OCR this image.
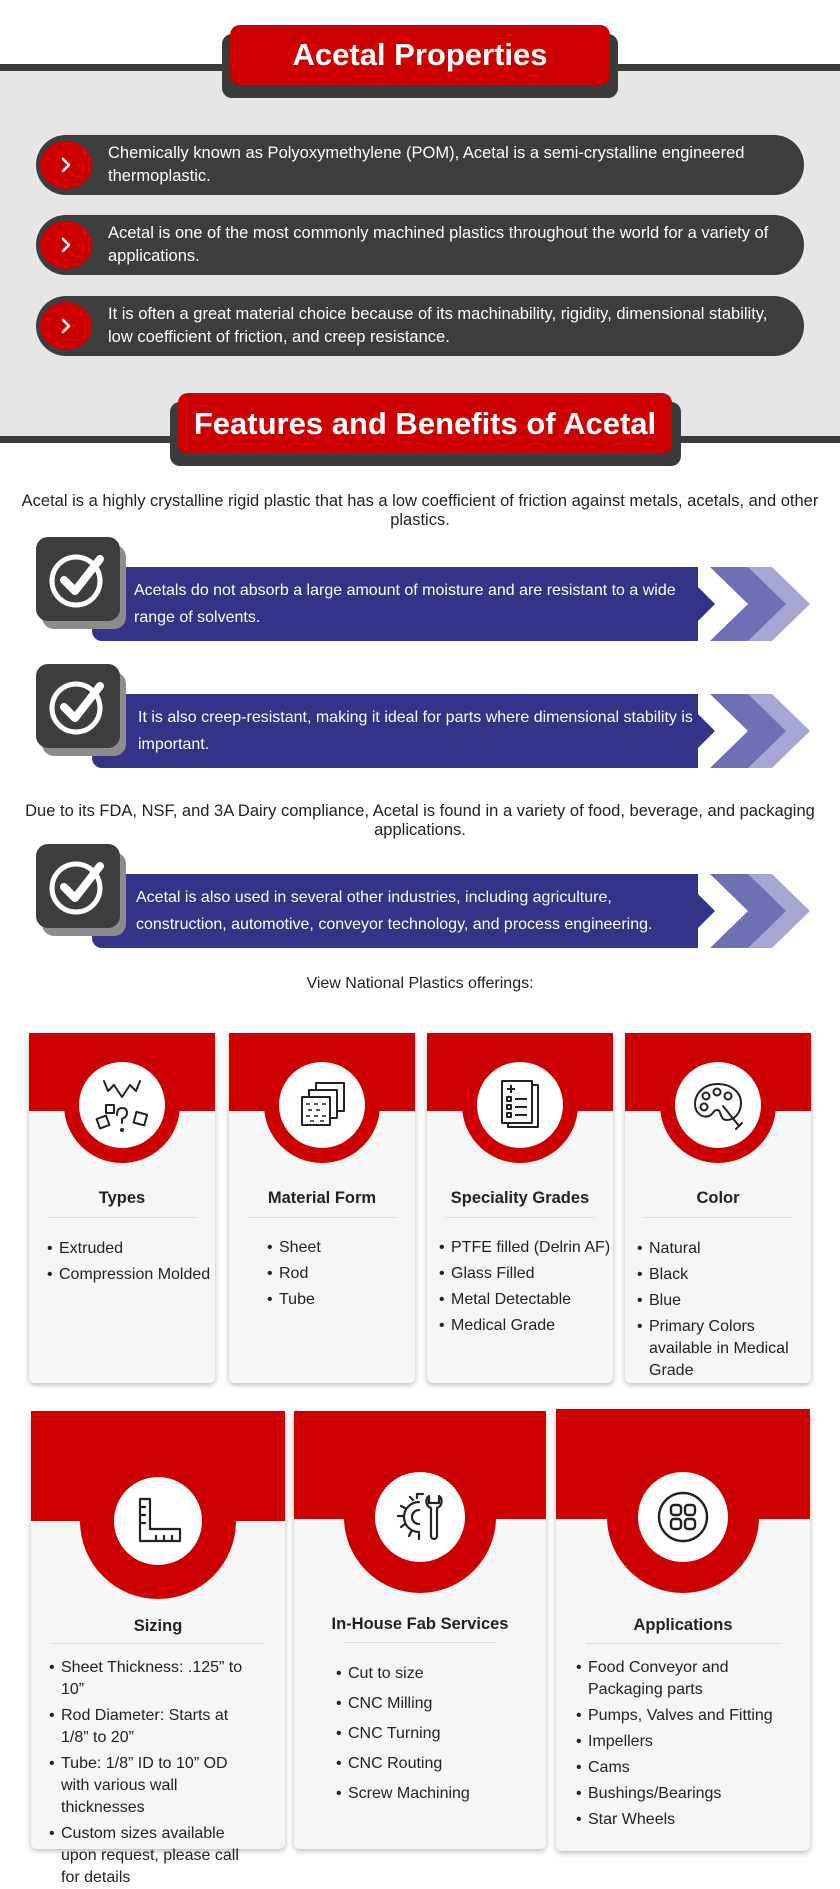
Acetal Properties
Chemically known as Polyoxymethylene (POM), Acetal is a semi-crystalline engineered thermoplastic.
Acetal is one of the most commonly machined plastics throughout the world for a variety of applications.
It is often a great material choice because of its machinability, rigidity, dimensional stability, low coefficient of friction, and creep resistance.
Features and Benefits of Acetal
Acetal is a highly crystalline rigid plastic that has a low coefficient of friction against metals, acetals, and other plastics.
Acetals do not absorb a large amount of moisture and are resistant to a wide range of solvents.
It is also creep-resistant, making it ideal for parts where dimensional stability is important.
Due to its FDA, NSF, and 3A Dairy compliance, Acetal is found in a variety of food, beverage, and packaging applications.
Acetal is also used in several other industries, including agriculture, construction, automotive, conveyor technology, and process engineering.
View National Plastics offerings:
Types
• Extruded
• Compression Molded
Material Form
• Sheet
• Rod
• Tube
Speciality Grades
• PTFE filled (Delrin AF)
• Glass Filled
• Metal Detectable
• Medical Grade
Color
• Natural
• Black
• Blue
• Primary Colors available in Medical Grade
Sizing
• Sheet Thickness: .125” to 10”
• Rod Diameter: Starts at 1/8” to 20”
• Tube: 1/8” ID to 10” OD with various wall thicknesses
• Custom sizes available upon request, please call for details
In-House Fab Services
• Cut to size
• CNC Milling
• CNC Turning
• CNC Routing
• Screw Machining
Applications
• Food Conveyor and Packaging parts
• Pumps, Valves and Fitting
• Impellers
• Cams
• Bushings/Bearings
• Star Wheels
